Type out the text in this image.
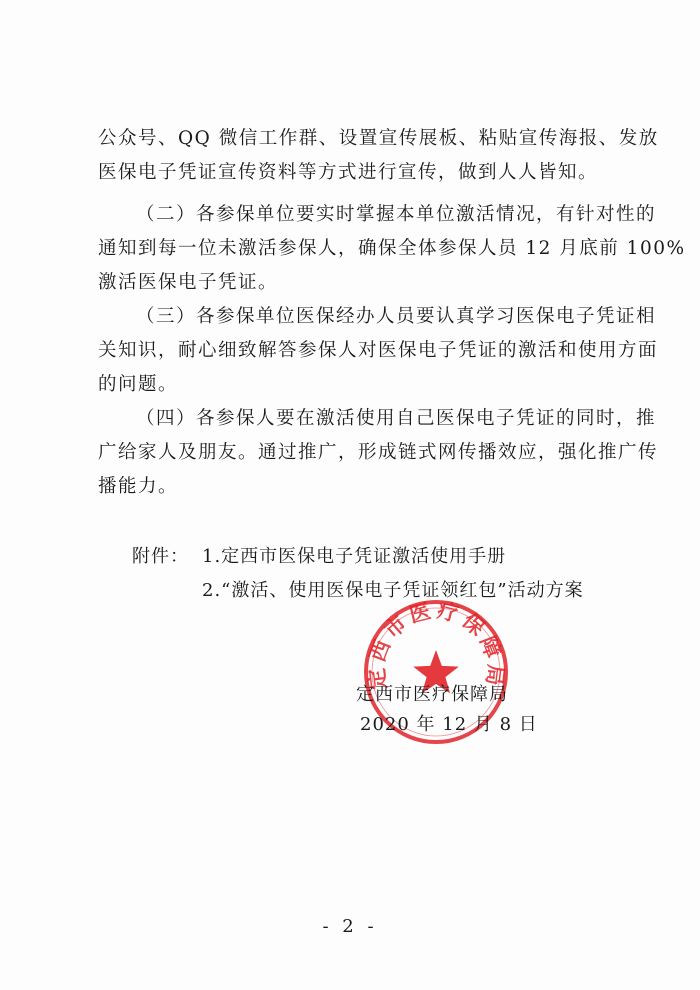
公众号、QQ 微信工作群、设置宣传展板、粘贴宣传海报、发放
医保电子凭证宣传资料等方式进行宣传，做到人人皆知。
（二）各参保单位要实时掌握本单位激活情况，有针对性的
通知到每一位未激活参保人，确保全体参保人员 12 月底前 100%
激活医保电子凭证。
（三）各参保单位医保经办人员要认真学习医保电子凭证相
关知识，耐心细致解答参保人对医保电子凭证的激活和使用方面
的问题。
（四）各参保人要在激活使用自己医保电子凭证的同时，推
广给家人及朋友。通过推广，形成链式网传播效应，强化推广传
播能力。
附件： 1.定西市医保电子凭证激活使用手册
2.“激活、使用医保电子凭证领红包”活动方案
定西市医疗保障局
定西市医疗保障局
2020 年 12 月 8 日
- 2 -
